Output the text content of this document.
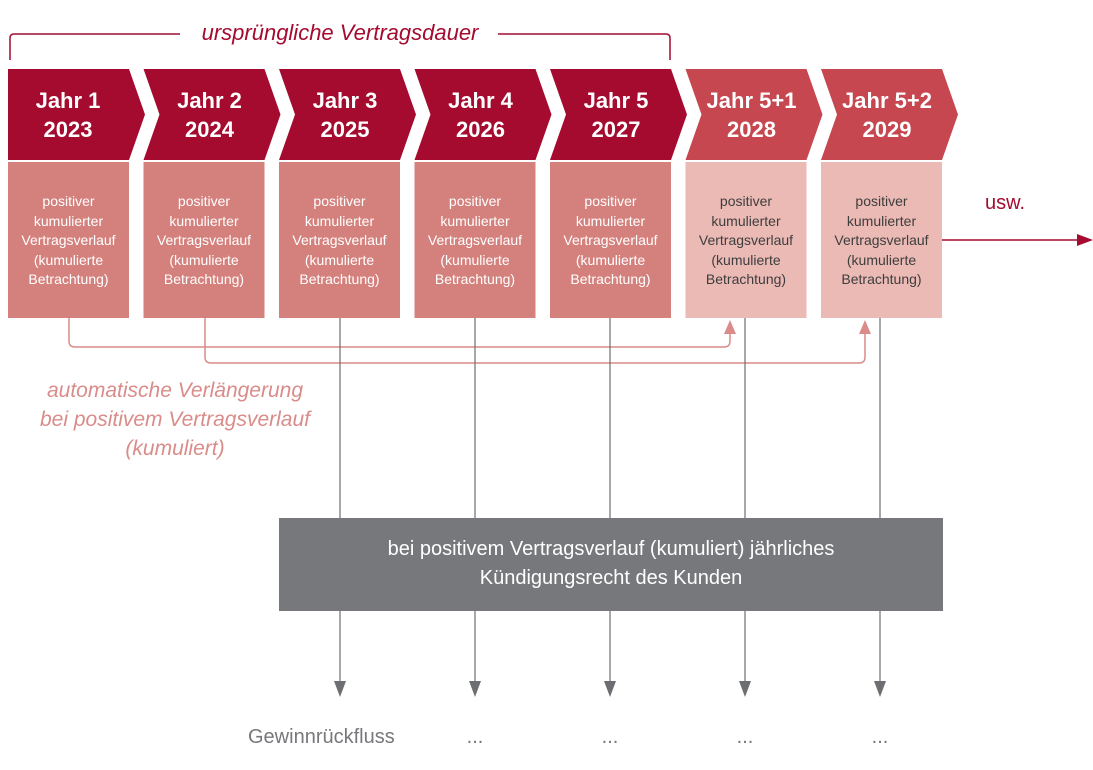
ursprüngliche Vertragsdauer
Jahr 1
2023
positiver
kumulierter
Vertragsverlauf
(kumulierte
Betrachtung)
Jahr 2
2024
positiver
kumulierter
Vertragsverlauf
(kumulierte
Betrachtung)
Jahr 3
2025
positiver
kumulierter
Vertragsverlauf
(kumulierte
Betrachtung)
Jahr 4
2026
positiver
kumulierter
Vertragsverlauf
(kumulierte
Betrachtung)
Jahr 5
2027
positiver
kumulierter
Vertragsverlauf
(kumulierte
Betrachtung)
Jahr 5+1
2028
positiver
kumulierter
Vertragsverlauf
(kumulierte
Betrachtung)
Jahr 5+2
2029
positiver
kumulierter
Vertragsverlauf
(kumulierte
Betrachtung)
usw.
automatische Verlängerung
bei positivem Vertragsverlauf
(kumuliert)
bei positivem Vertragsverlauf (kumuliert) jährliches
Kündigungsrecht des Kunden
Gewinnrückfluss	...	...	...	...
